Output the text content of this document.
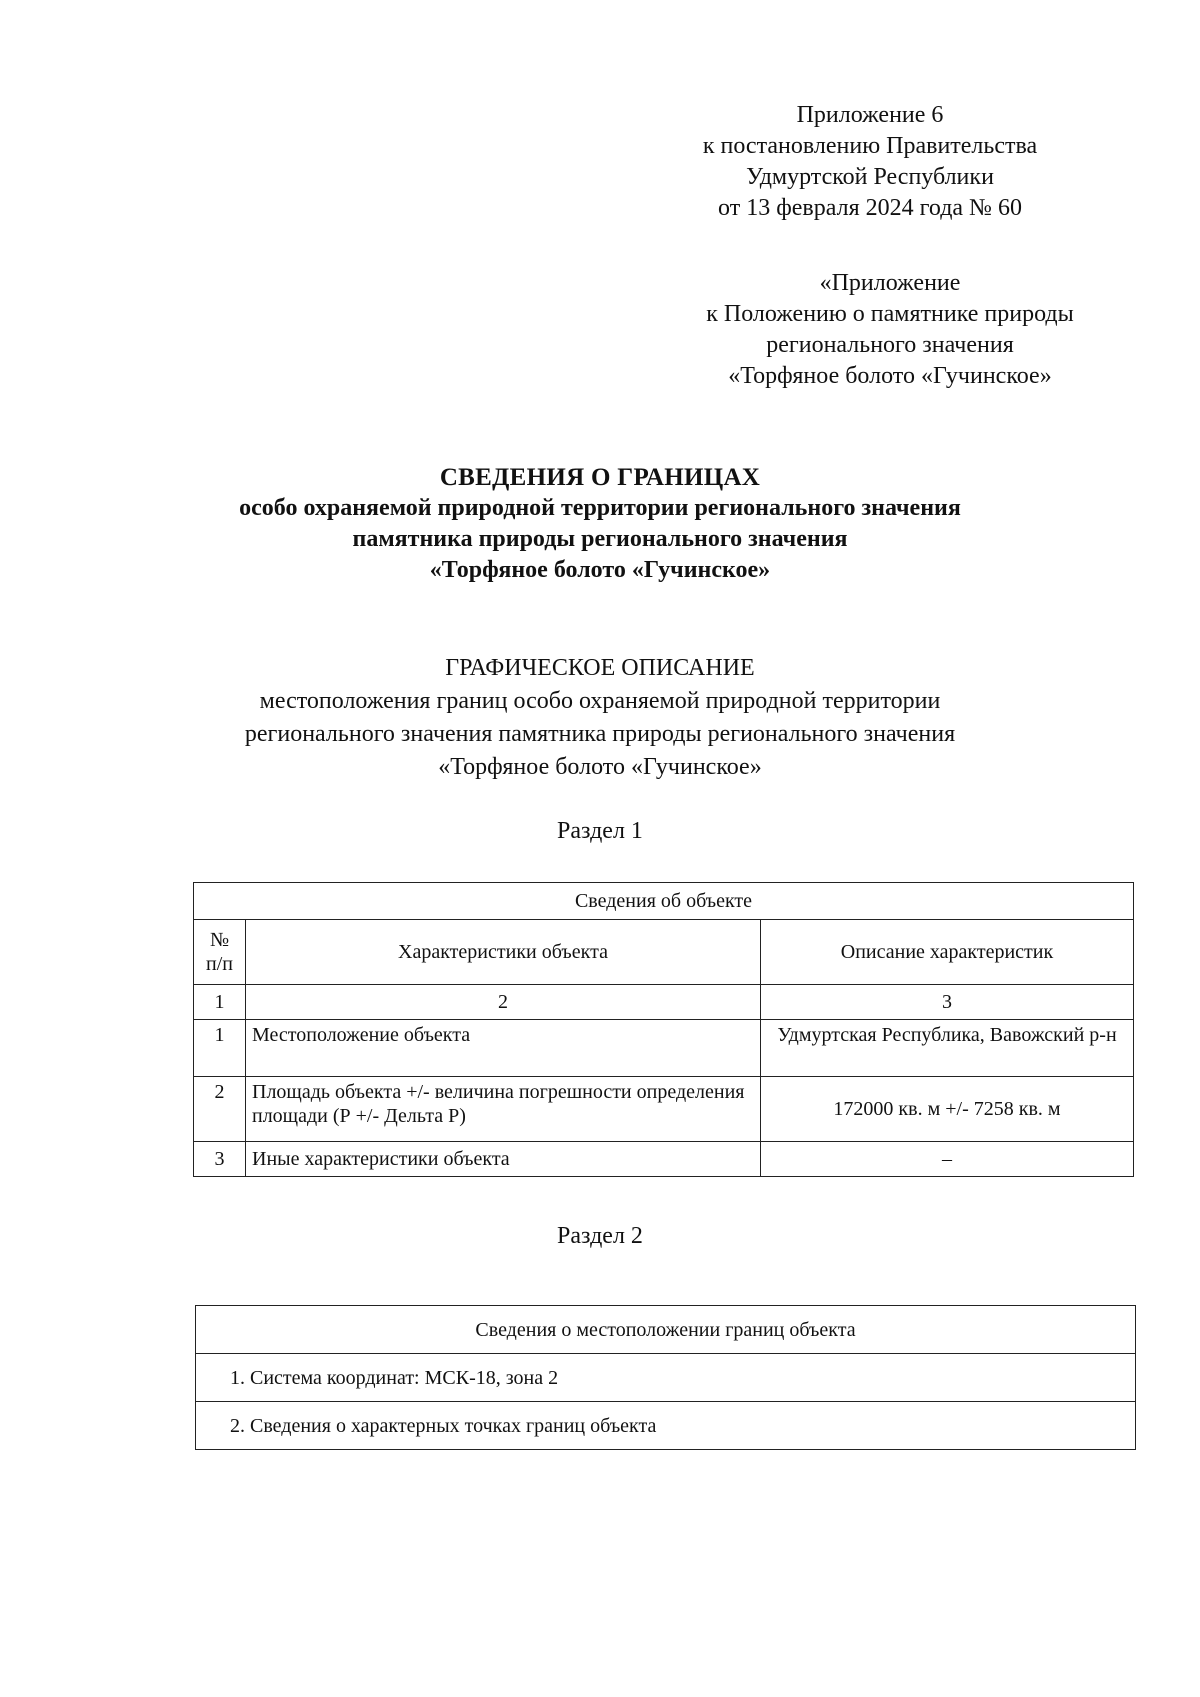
Приложение 6
к постановлению Правительства
Удмуртской Республики
от 13 февраля 2024 года № 60
«Приложение
к Положению о памятнике природы
регионального значения
«Торфяное болото «Гучинское»
СВЕДЕНИЯ О ГРАНИЦАХ
особо охраняемой природной территории регионального значения
памятника природы регионального значения
«Торфяное болото «Гучинское»
ГРАФИЧЕСКОЕ ОПИСАНИЕ
местоположения границ особо охраняемой природной территории
регионального значения памятника природы регионального значения
«Торфяное болото «Гучинское»
Раздел 1
Сведения об объекте		
№ п/п	Характеристики объекта	Описание характеристик
1	2	3
1	Местоположение объекта	Удмуртская Республика, Вавожский р-н
2	Площадь объекта +/- величина погрешности определения площади (Р +/- Дельта Р)	172000 кв. м +/- 7258 кв. м
3	Иные характеристики объекта	–
Раздел 2
Сведения о местоположении границ объекта
1. Система координат: МСК-18, зона 2
2. Сведения о характерных точках границ объекта
